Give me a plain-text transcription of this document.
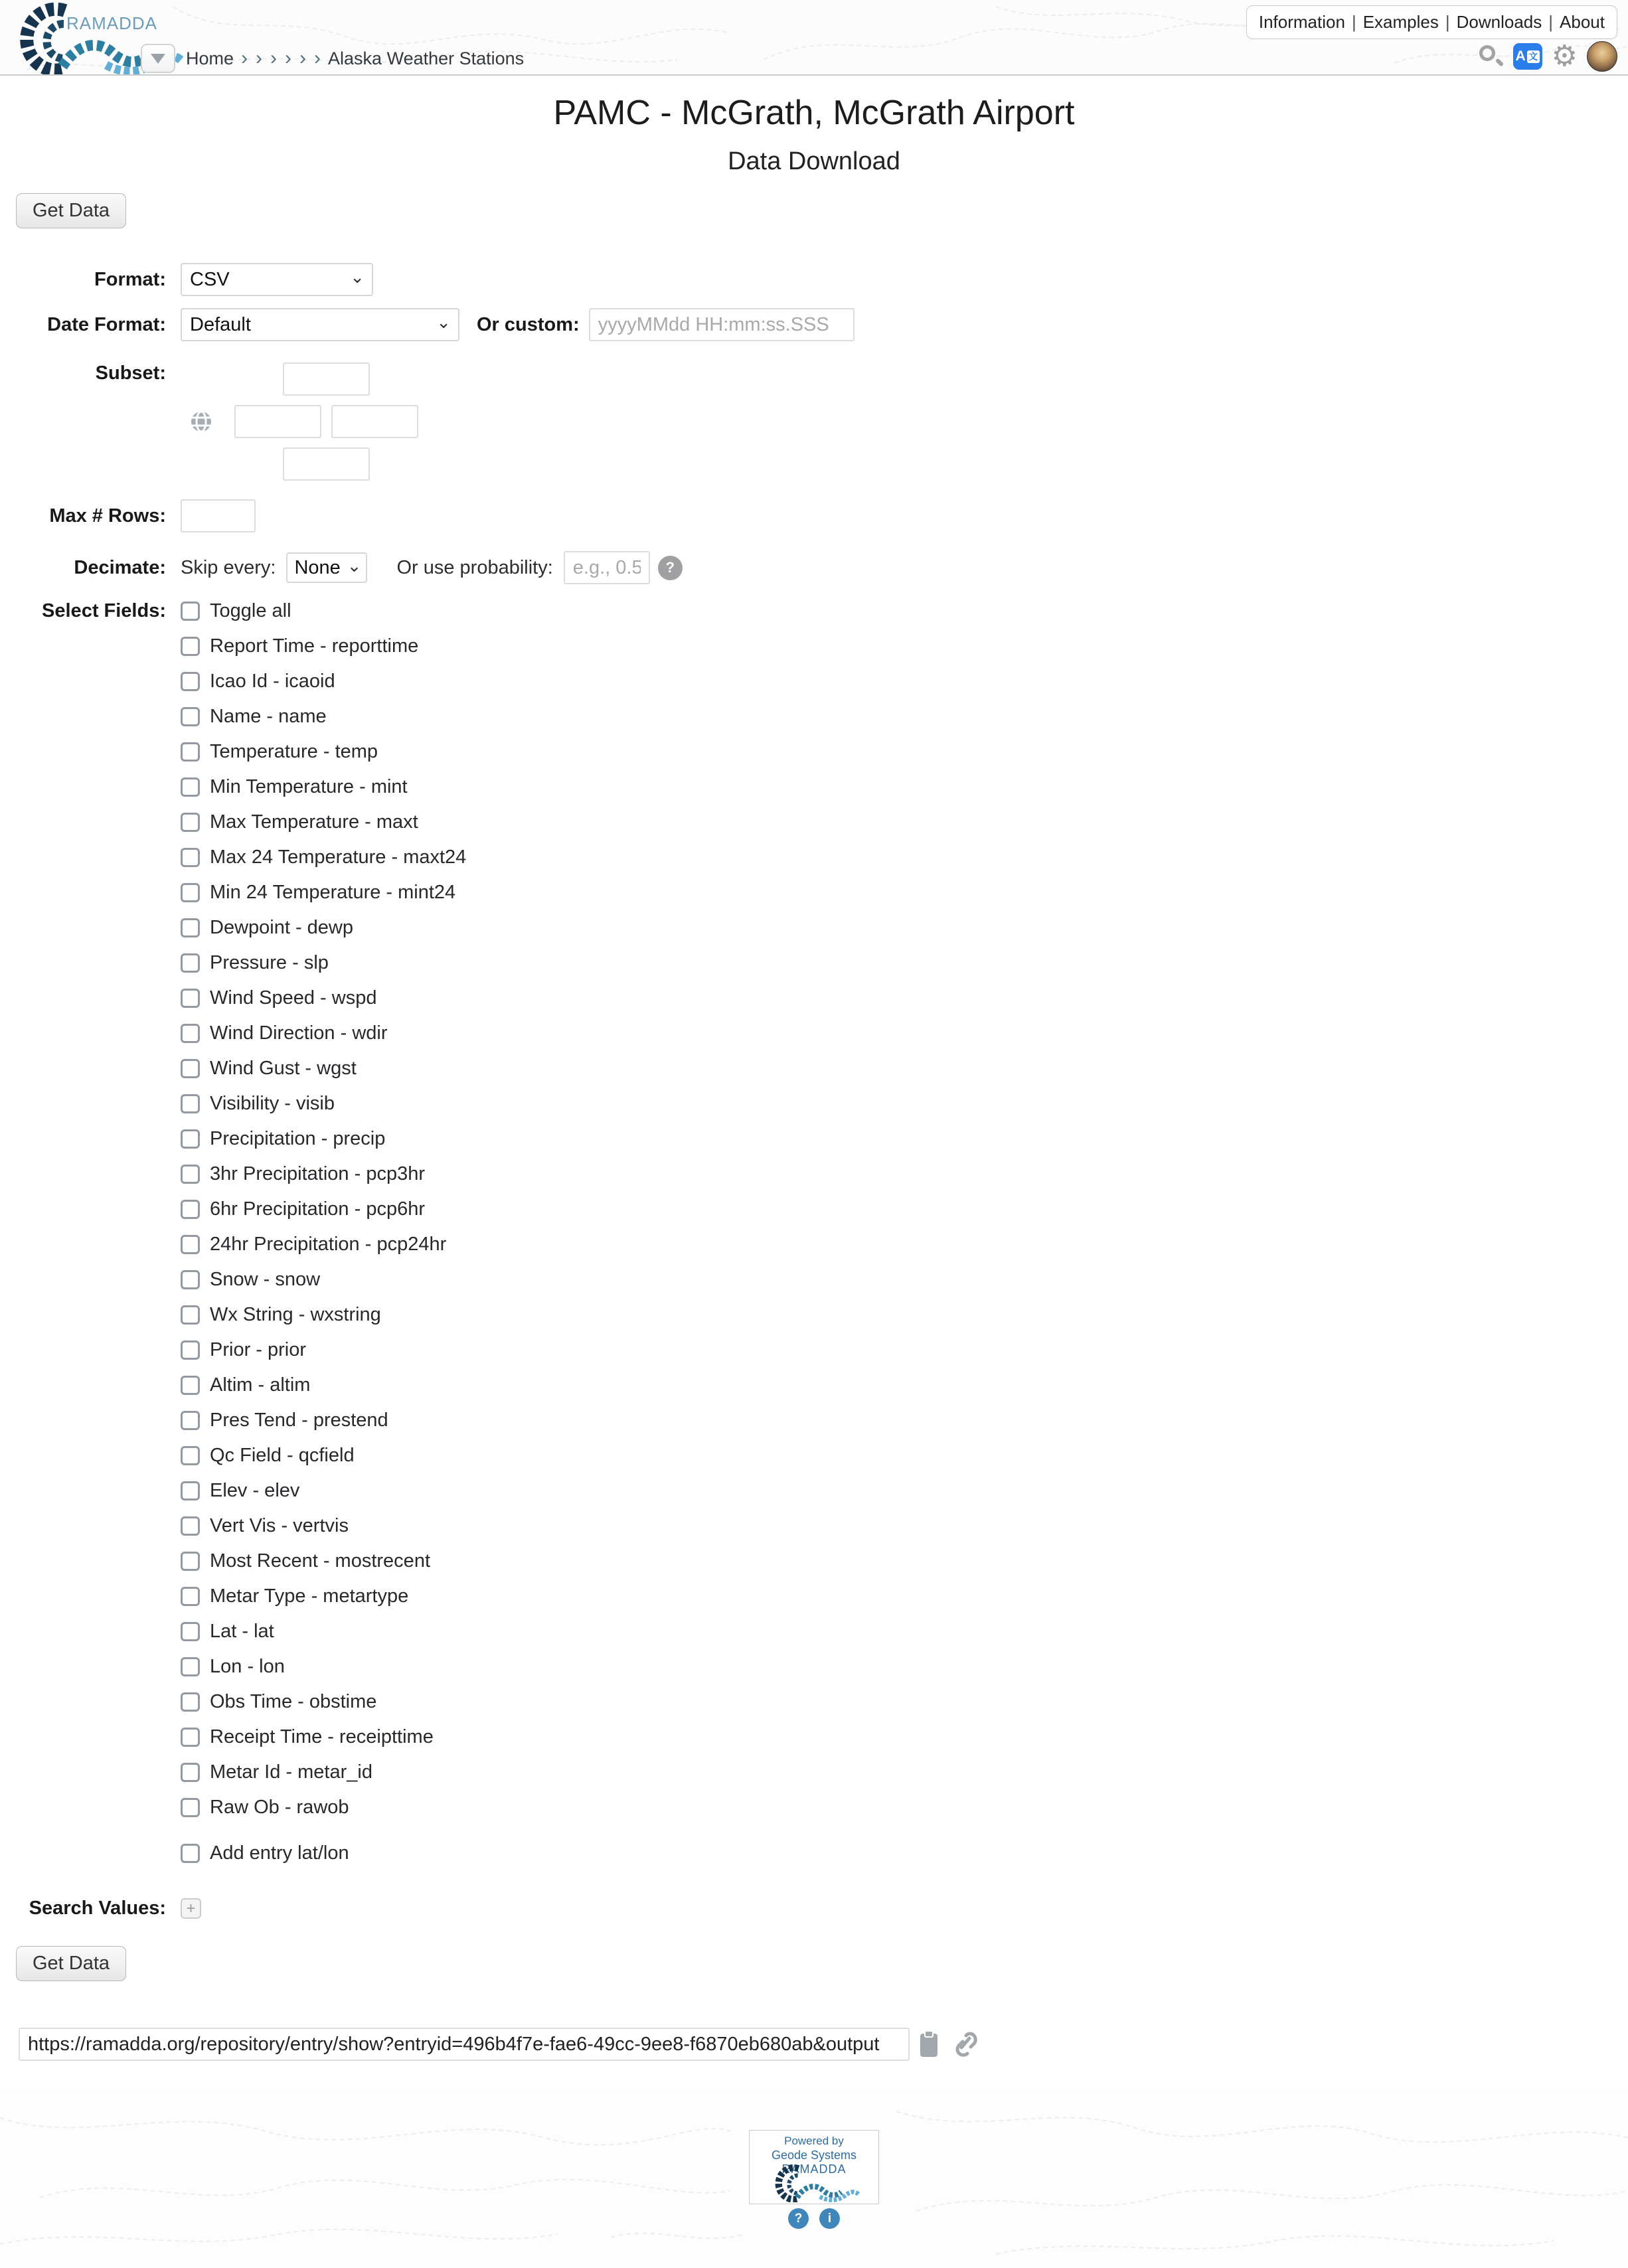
RAMADDA
Home › › › › › › Alaska Weather Stations
Information | Examples | Downloads | About
A 文 ⚙
PAMC - McGrath, McGrath Airport
Data Download
Get Data
Format:
CSV ⌄
Date Format:
Default ⌄	Or custom:
yyyyMMdd HH:mm:ss.SSS
Subset:
Max # Rows:
Decimate: Skip every:
None ⌄	Or use probability:
e.g., 0.5	?
Select Fields: Toggle all
Report Time - reporttime
Icao Id - icaoid
Name - name
Temperature - temp
Min Temperature - mint
Max Temperature - maxt
Max 24 Temperature - maxt24
Min 24 Temperature - mint24
Dewpoint - dewp
Pressure - slp
Wind Speed - wspd
Wind Direction - wdir
Wind Gust - wgst
Visibility - visib
Precipitation - precip
3hr Precipitation - pcp3hr
6hr Precipitation - pcp6hr
24hr Precipitation - pcp24hr
Snow - snow
Wx String - wxstring
Prior - prior
Altim - altim
Pres Tend - prestend
Qc Field - qcfield
Elev - elev
Vert Vis - vertvis
Most Recent - mostrecent
Metar Type - metartype
Lat - lat
Lon - lon
Obs Time - obstime
Receipt Time - receipttime
Metar Id - metar_id
Raw Ob - rawob
Add entry lat/lon
Search Values: +
Get Data
https://ramadda.org/repository/entry/show?entryid=496b4f7e-fae6-49cc-9ee8-f6870eb680ab&output
Powered by
Geode Systems
RAMADDA
?	i
